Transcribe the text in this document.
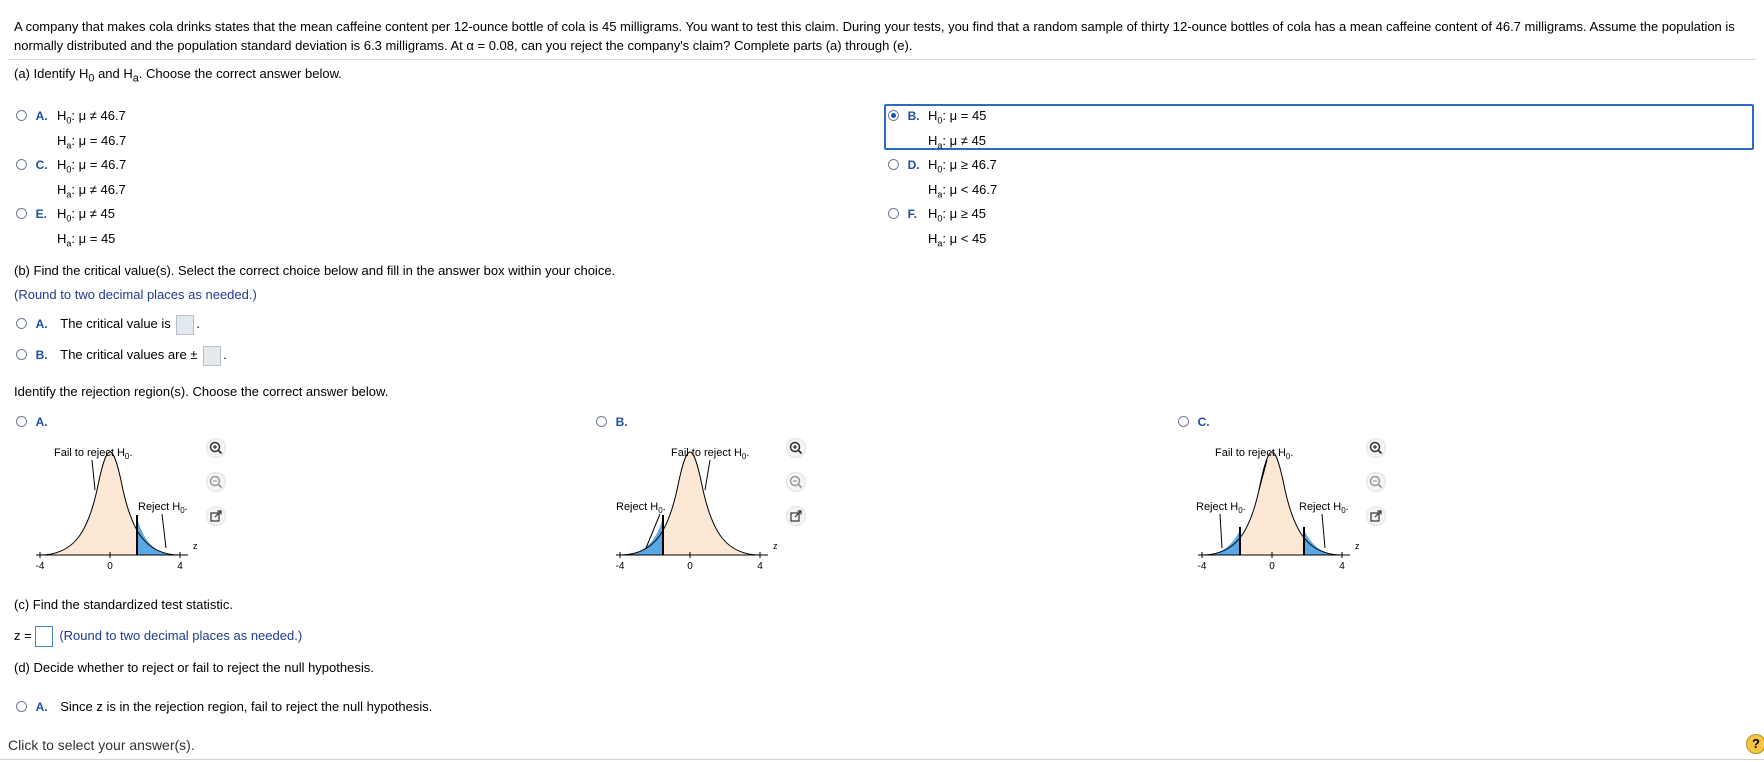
A company that makes cola drinks states that the mean caffeine content per 12-ounce bottle of cola is 45 milligrams. You want to test this claim. During your tests, you find that a random sample of thirty 12-ounce bottles of cola has a mean caffeine content of 46.7 milligrams. Assume the population is normally distributed and the population standard deviation is 6.3 milligrams. At α = 0.08, can you reject the company's claim? Complete parts (a) through (e).
(a) Identify $H_0$ and $H_a$. Choose the correct answer below.
A. $H_0$: μ ≠ 46.7
$H_a$: μ = 46.7
B. $H_0$: μ = 45
$H_a$: μ ≠ 45
C. $H_0$: μ = 46.7
$H_a$: μ ≠ 46.7
D. $H_0$: μ ≥ 46.7
$H_a$: μ < 46.7
E. $H_0$: μ ≠ 45
$H_a$: μ = 45
F. $H_0$: μ ≥ 45
$H_a$: μ < 45
(b) Find the critical value(s). Select the correct choice below and fill in the answer box within your choice.
(Round to two decimal places as needed.)
A. The critical value is .
B. The critical values are ± .
Identify the rejection region(s). Choose the correct answer below.
A.
-4	0	4
z
Fail to reject $H_0$.
Reject $H_0$.
B.
-4	0	4
z
Fail to reject $H_0$.
Reject $H_0$.
C.
-4	0	4
z
Fail to reject $H_0$.
Reject $H_0$.	Reject $H_0$.
(c) Find the standardized test statistic.
z = (Round to two decimal places as needed.)
(d) Decide whether to reject or fail to reject the null hypothesis.
A. Since z is in the rejection region, fail to reject the null hypothesis.
Click to select your answer(s).	?
